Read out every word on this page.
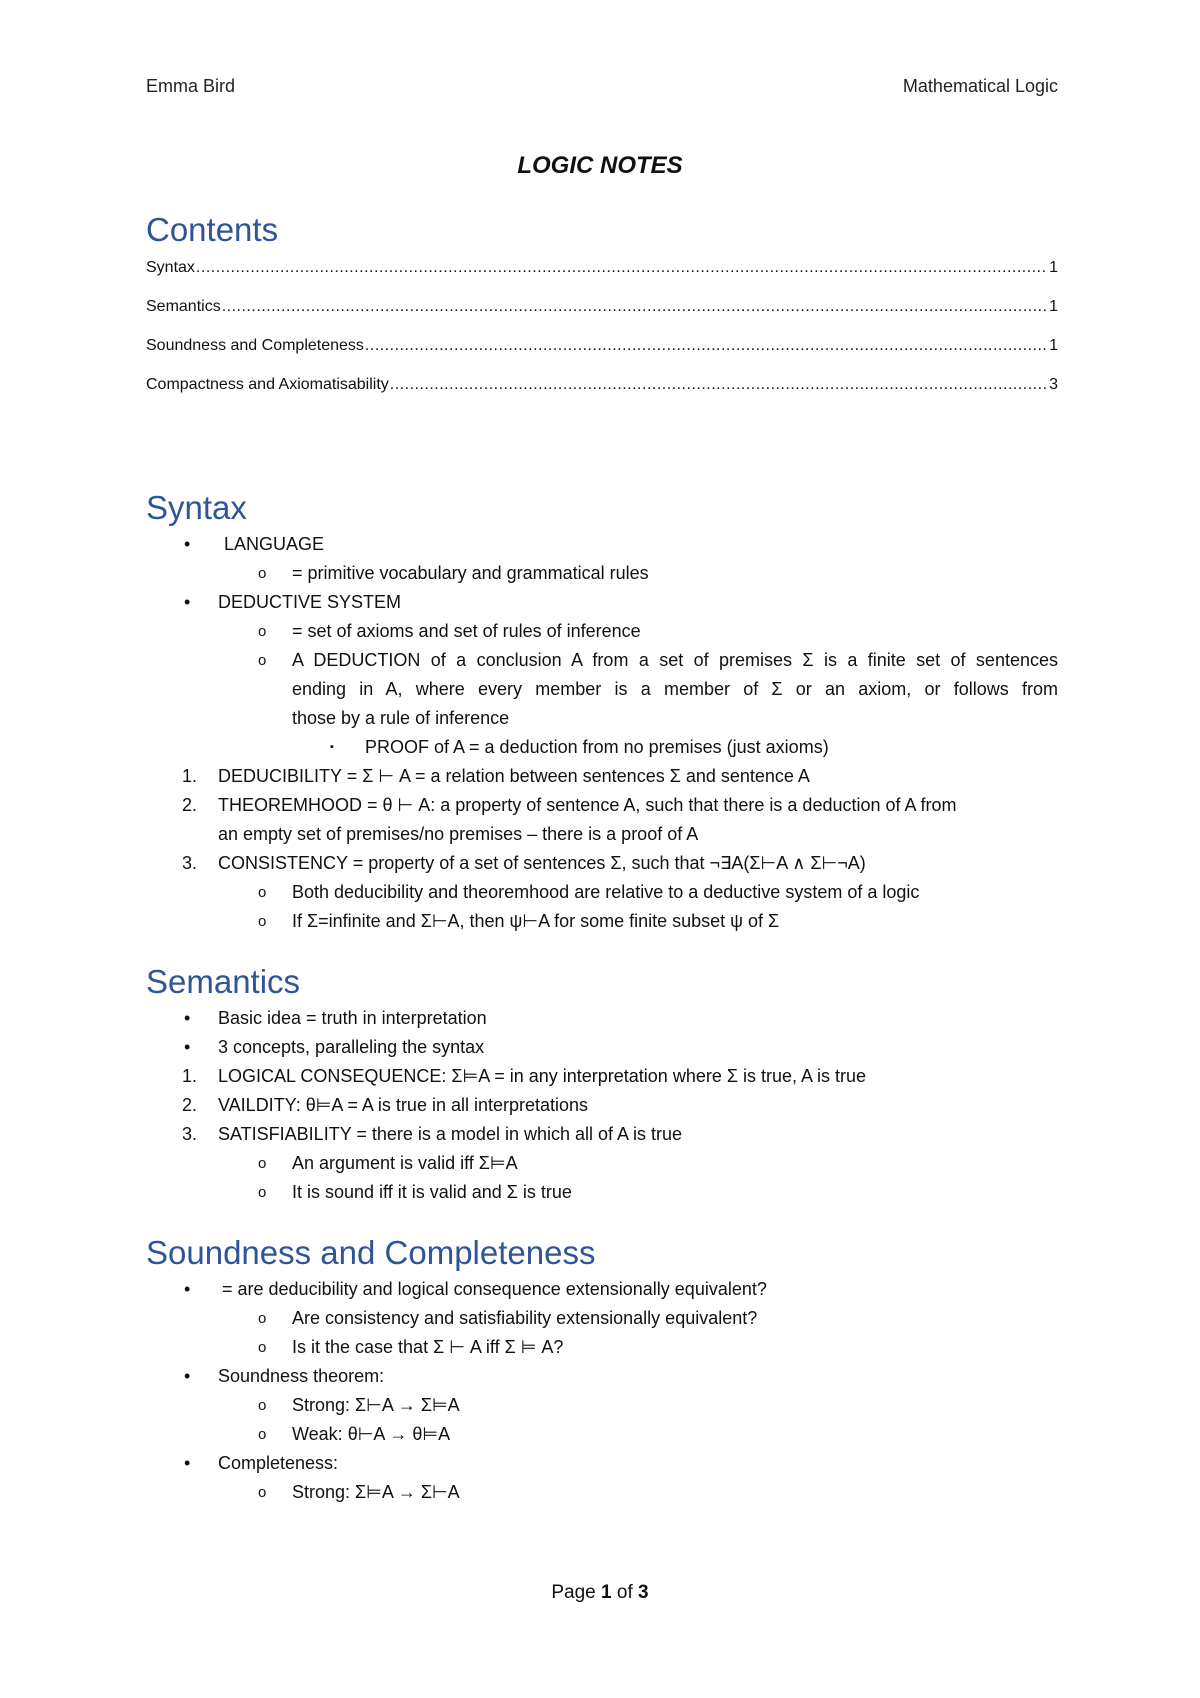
Emma Bird	Mathematical Logic
LOGIC NOTES
Contents
Syntax .....	1
Semantics .....	1
Soundness and Completeness .....	1
Compactness and Axiomatisability .....	3
Syntax
• LANGUAGE
o = primitive vocabulary and grammatical rules
• DEDUCTIVE SYSTEM
o = set of axioms and set of rules of inference
o A DEDUCTION of a conclusion A from a set of premises Σ is a finite set of sentences
ending in A, where every member is a member of Σ or an axiom, or follows from
those by a rule of inference
▪ PROOF of A = a deduction from no premises (just axioms)
1. DEDUCIBILITY = Σ ⊢ A = a relation between sentences Σ and sentence A
2. THEOREMHOOD = θ ⊢ A: a property of sentence A, such that there is a deduction of A from
an empty set of premises/no premises – there is a proof of A
3. CONSISTENCY = property of a set of sentences Σ, such that ¬∃A(Σ⊢A ∧ Σ⊢¬A)
o Both deducibility and theoremhood are relative to a deductive system of a logic
o If Σ=infinite and Σ⊢A, then ψ⊢A for some finite subset ψ of Σ
Semantics
• Basic idea = truth in interpretation
• 3 concepts, paralleling the syntax
1. LOGICAL CONSEQUENCE: Σ⊨A = in any interpretation where Σ is true, A is true
2. VAILDITY: θ⊨A = A is true in all interpretations
3. SATISFIABILITY = there is a model in which all of A is true
o An argument is valid iff Σ⊨A
o It is sound iff it is valid and Σ is true
Soundness and Completeness
• = are deducibility and logical consequence extensionally equivalent?
o Are consistency and satisfiability extensionally equivalent?
o Is it the case that Σ ⊢ A iff Σ ⊨ A?
• Soundness theorem:
o Strong: Σ⊢A → Σ⊨A
o Weak: θ⊢A → θ⊨A
• Completeness:
o Strong: Σ⊨A → Σ⊢A
Page 1 of 3
